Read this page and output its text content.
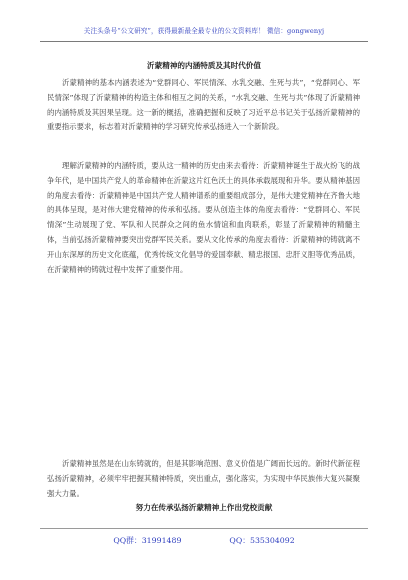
关注头条号“公文研究”，获得最新最全最专业的公文资料库！ 微信：gongwenyj
沂蒙精神的内涵特质及其时代价值

沂蒙精神的基本内涵表述为“党群同心、军民情深、水乳交融、生死与共”，“党群同心、军民情深”体现了沂蒙精神的构造主体和相互之间的关系，“水乳交融、生死与共”体现了沂蒙精神的内涵特质及其因果呈现。这一新的概括，准确把握和反映了习近平总书记关于弘扬沂蒙精神的重要指示要求，标志着对沂蒙精神的学习研究传承弘扬进入一个新阶段。

理解沂蒙精神的内涵特质，要从这一精神的历史由来去看待：沂蒙精神诞生于战火纷飞的战争年代，是中国共产党人的革命精神在沂蒙这片红色沃土的具体承载展现和升华。要从精神基因的角度去看待：沂蒙精神是中国共产党人精神谱系的重要组成部分，是伟大建党精神在齐鲁大地的具体呈现，是对伟大建党精神的传承和弘扬。要从创造主体的角度去看待：“党群同心、军民情深”生动展现了党、军队和人民群众之间的鱼水情谊和血肉联系，彰显了沂蒙精神的精髓主体，当前弘扬沂蒙精神要突出党群军民关系。要从文化传承的角度去看待：沂蒙精神的铸就离不开山东深厚的历史文化底蕴，优秀传统文化倡导的爱国奉献、精忠报国、忠肝义胆等优秀品质，在沂蒙精神的铸就过程中发挥了重要作用。

沂蒙精神虽然是在山东铸就的，但是其影响范围、意义价值是广阔而长远的。新时代新征程弘扬沂蒙精神，必须牢牢把握其精神特质，突出重点，强化落实，为实现中华民族伟大复兴凝聚强大力量。

努力在传承弘扬沂蒙精神上作出党校贡献
QQ群：31991489	QQ：535304092
